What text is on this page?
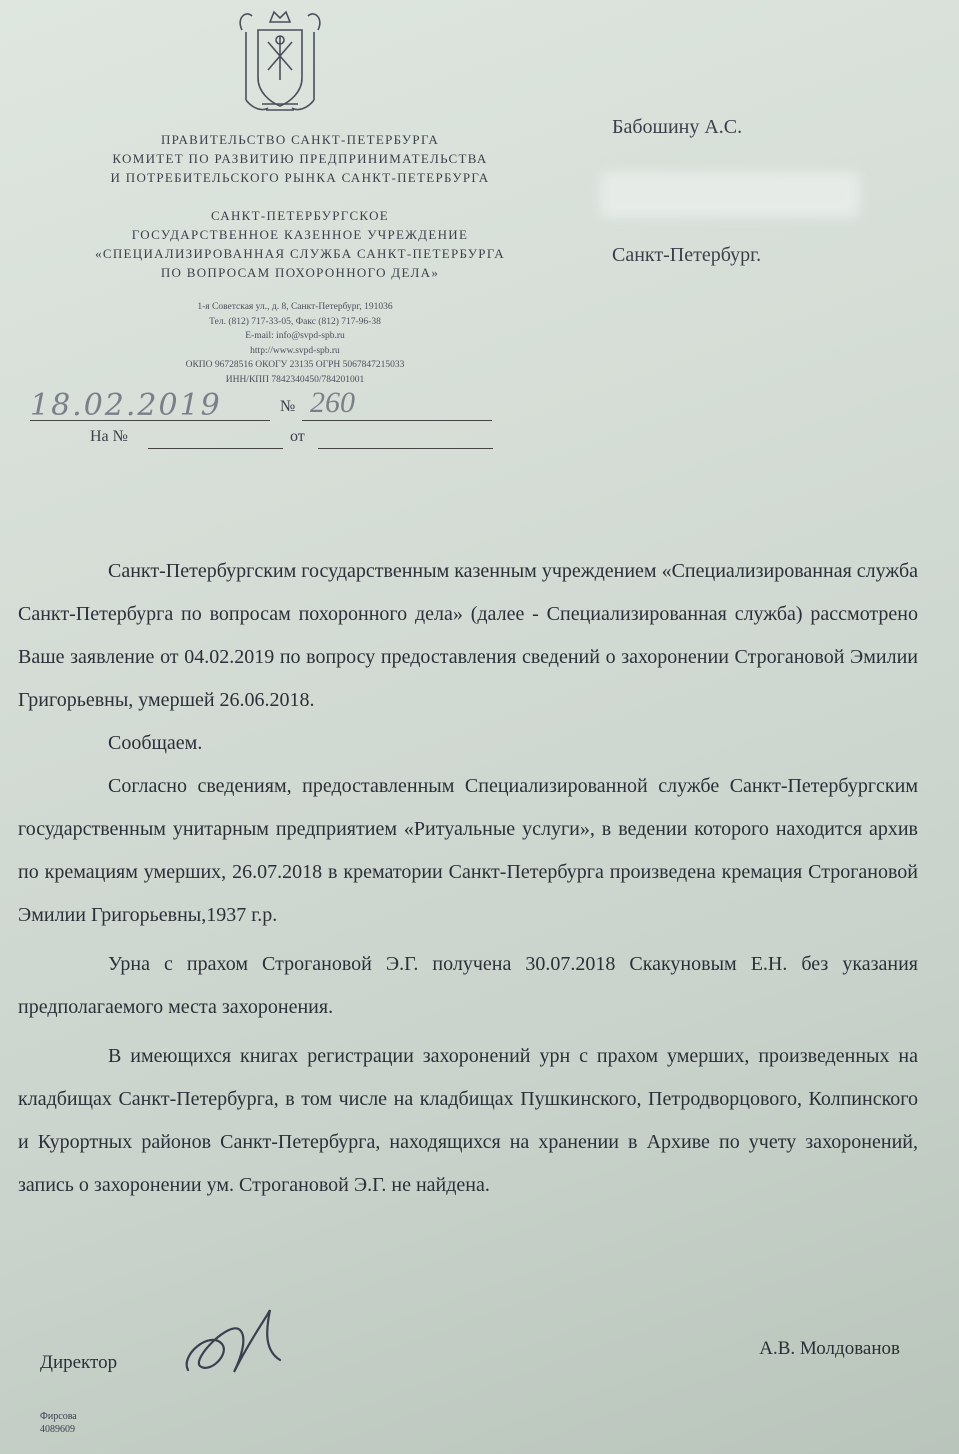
ПРАВИТЕЛЬСТВО САНКТ-ПЕТЕРБУРГА
КОМИТЕТ ПО РАЗВИТИЮ ПРЕДПРИНИМАТЕЛЬСТВА
И ПОТРЕБИТЕЛЬСКОГО РЫНКА САНКТ-ПЕТЕРБУРГА
САНКТ-ПЕТЕРБУРГСКОЕ
ГОСУДАРСТВЕННОЕ КАЗЕННОЕ УЧРЕЖДЕНИЕ
«СПЕЦИАЛИЗИРОВАННАЯ СЛУЖБА САНКТ-ПЕТЕРБУРГА
ПО ВОПРОСАМ ПОХОРОННОГО ДЕЛА»
1-я Советская ул., д. 8, Санкт-Петербург, 191036
Тел. (812) 717-33-05, Факс (812) 717-96-38
E-mail: info@svpd-spb.ru
http://www.svpd-spb.ru
ОКПО 96728516 ОКОГУ 23135 ОГРН 5067847215033
ИНН/КПП 7842340450/784201001
18.02.2019	№ 260
На №	от
Бабошину А.С.
Санкт-Петербург.

Санкт-Петербургским государственным казенным учреждением «Специализированная служба Санкт-Петербурга по вопросам похоронного дела» (далее - Специализированная служба) рассмотрено Ваше заявление от 04.02.2019 по вопросу предоставления сведений о захоронении Строгановой Эмилии Григорьевны, умершей 26.06.2018.

Сообщаем.

Согласно сведениям, предоставленным Специализированной службе Санкт-Петербургским государственным унитарным предприятием «Ритуальные услуги», в ведении которого находится архив по кремациям умерших, 26.07.2018 в крематории Санкт-Петербурга произведена кремация Строгановой Эмилии Григорьевны,1937 г.р.

Урна с прахом Строгановой Э.Г. получена 30.07.2018 Скакуновым Е.Н. без указания предполагаемого места захоронения.

В имеющихся книгах регистрации захоронений урн с прахом умерших, произведенных на кладбищах Санкт-Петербурга, в том числе на кладбищах Пушкинского, Петродворцового, Колпинского и Курортных районов Санкт-Петербурга, находящихся на хранении в Архиве по учету захоронений, запись о захоронении ум. Строгановой Э.Г. не найдена.

Директор
А.В. Молдованов
Фирсова
4089609
